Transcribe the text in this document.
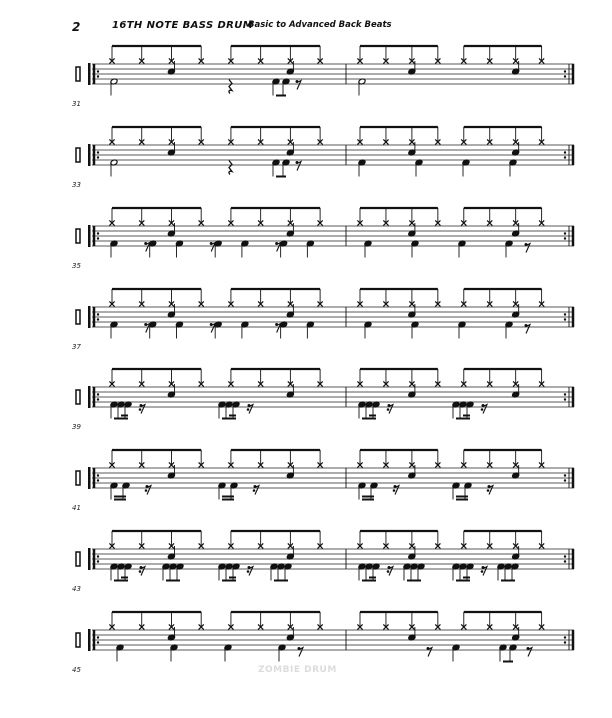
2	16TH NOTE BASS DRUM
Basic to Advanced Back Beats
31
33
35
37
39
41
43
45	ZOMBIE DRUM
